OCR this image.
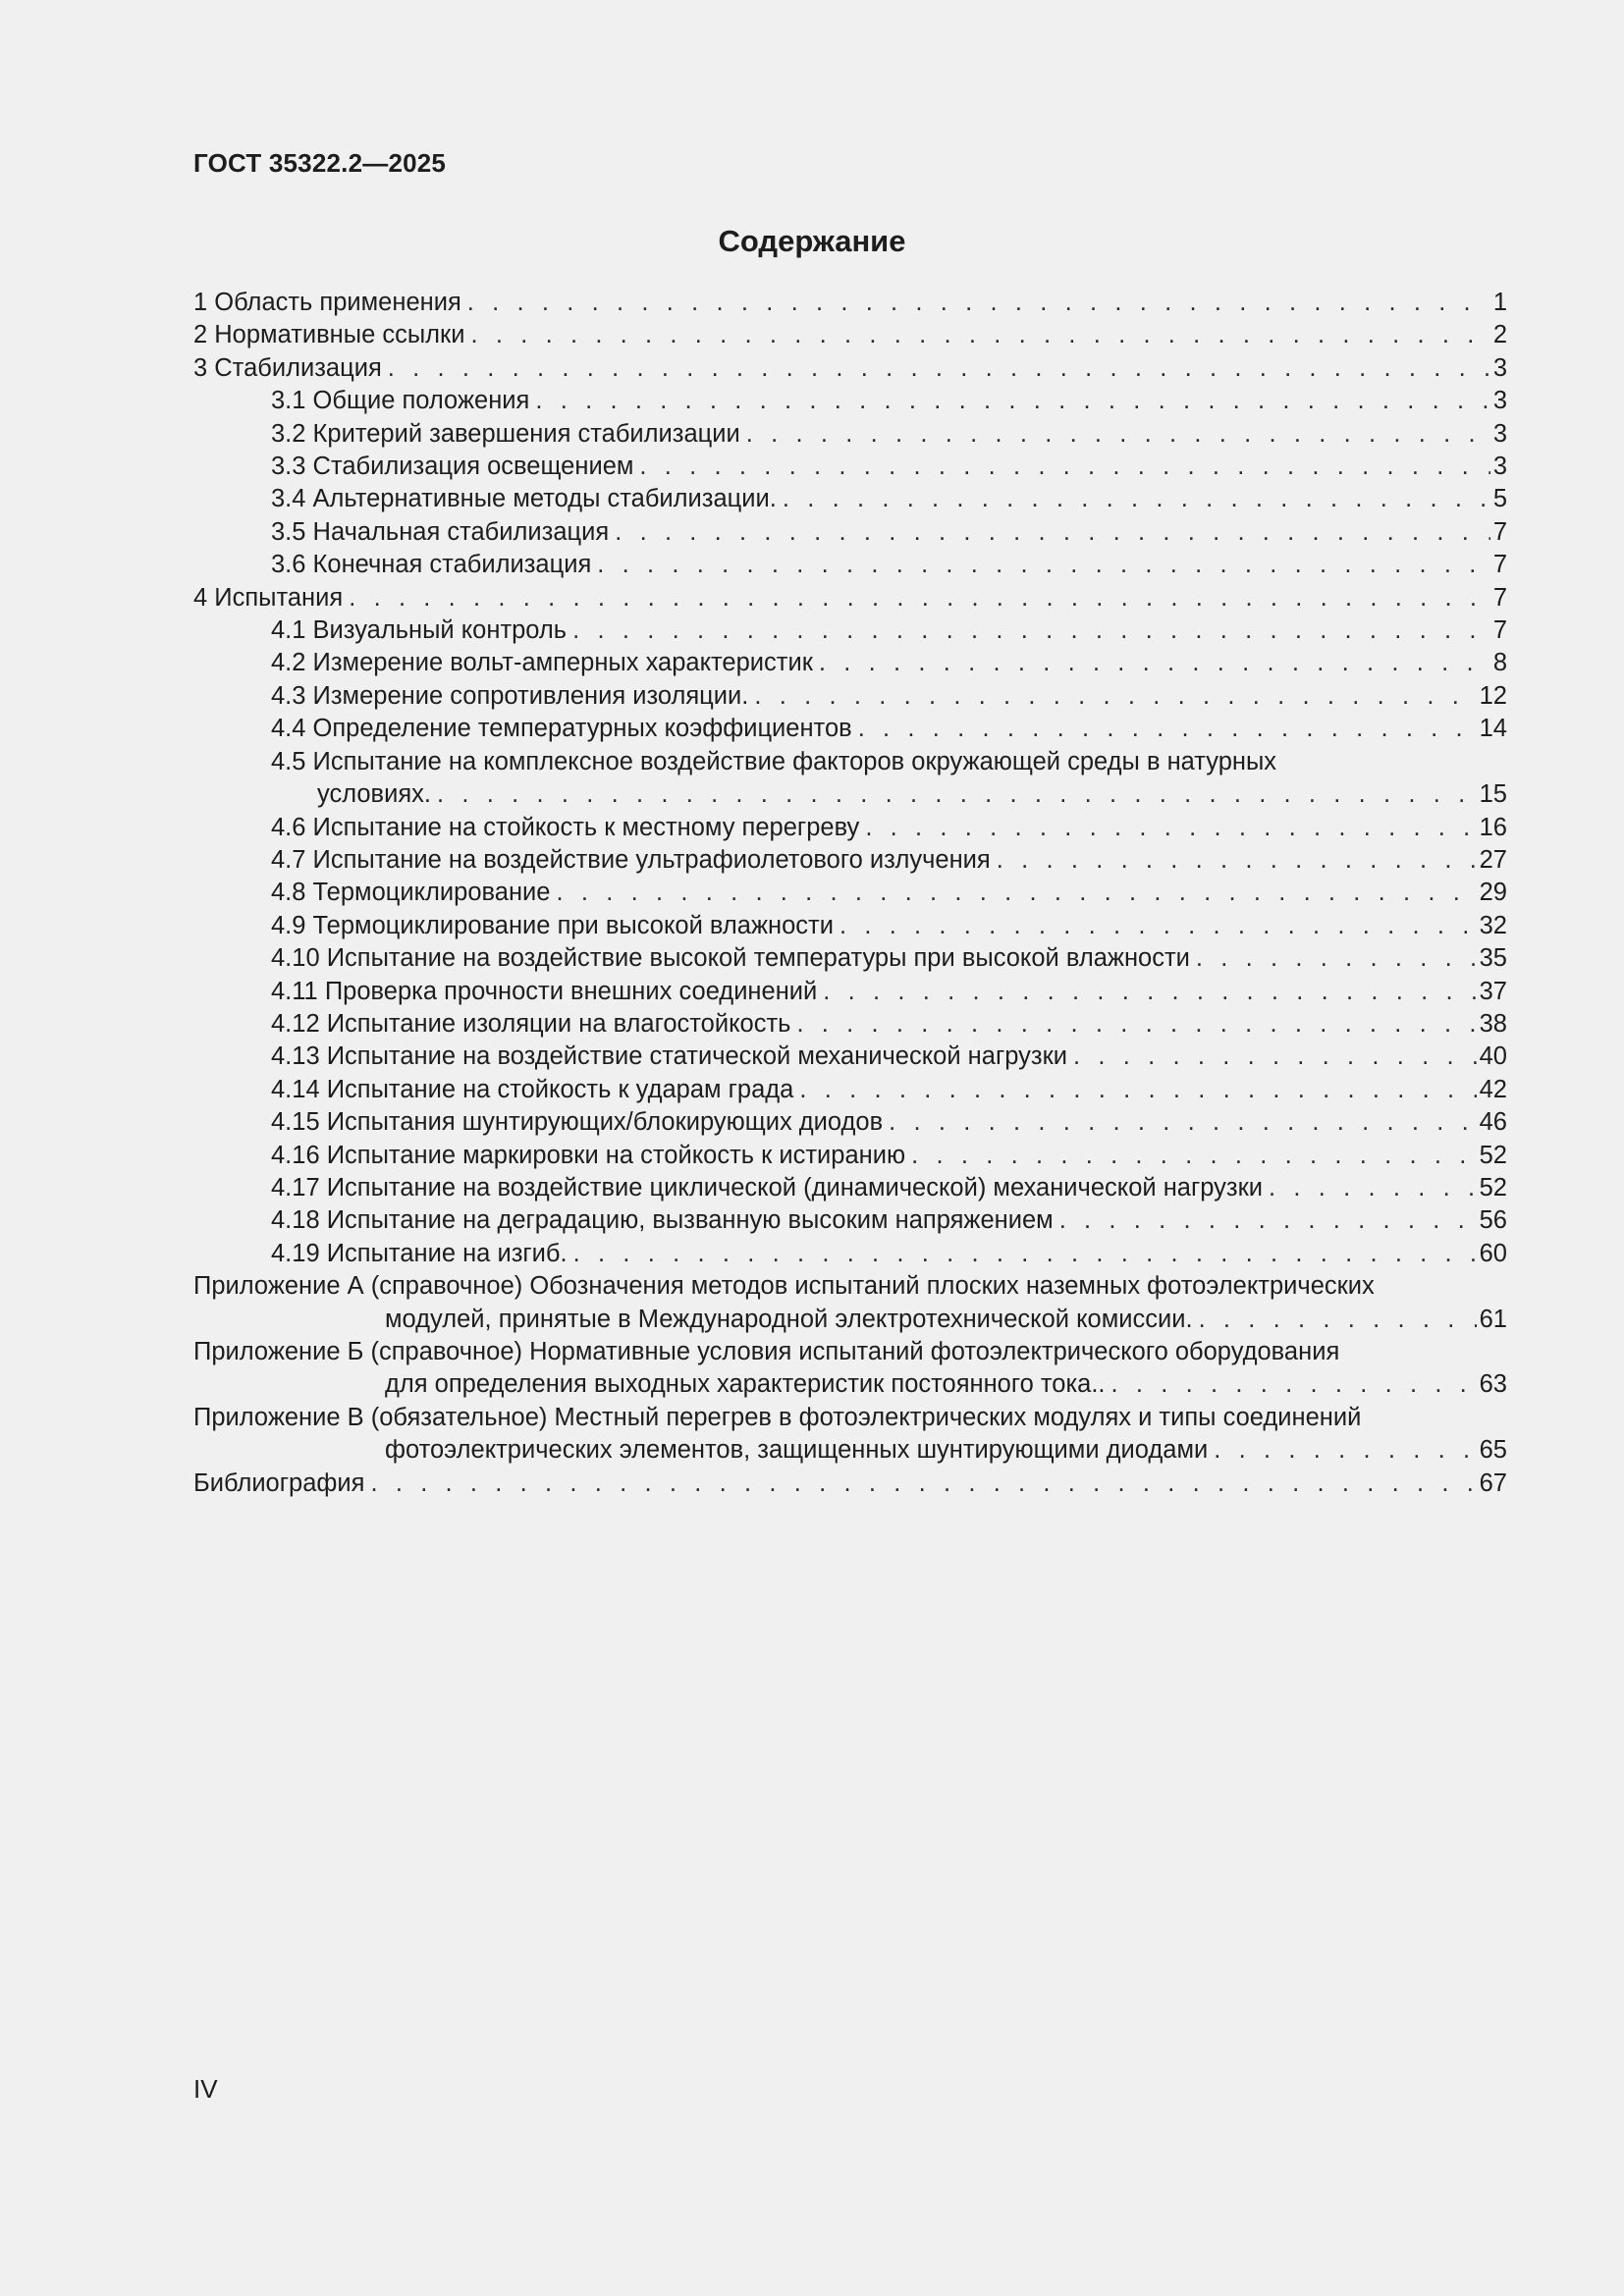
ГОСТ 35322.2—2025
Содержание
1 Область применения . . .	1
2 Нормативные ссылки . . .	2
3 Стабилизация . . .	3
3.1 Общие положения . . .	3
3.2 Критерий завершения стабилизации . . .	3
3.3 Стабилизация освещением . . .	3
3.4 Альтернативные методы стабилизации. . . .	5
3.5 Начальная стабилизация . . .	7
3.6 Конечная стабилизация . . .	7
4 Испытания . . .	7
4.1 Визуальный контроль . . .	7
4.2 Измерение вольт-амперных характеристик . . .	8
4.3 Измерение сопротивления изоляции. . . .	12
4.4 Определение температурных коэффициентов . . .	14
4.5 Испытание на комплексное воздействие факторов окружающей среды в натурных
условиях. . . .	15
4.6 Испытание на стойкость к местному перегреву . . .	16
4.7 Испытание на воздействие ультрафиолетового излучения . . .	27
4.8 Термоциклирование . . .	29
4.9 Термоциклирование при высокой влажности . . .	32
4.10 Испытание на воздействие высокой температуры при высокой влажности . . .	35
4.11 Проверка прочности внешних соединений . . .	37
4.12 Испытание изоляции на влагостойкость . . .	38
4.13 Испытание на воздействие статической механической нагрузки . . .	40
4.14 Испытание на стойкость к ударам града . . .	42
4.15 Испытания шунтирующих/блокирующих диодов . . .	46
4.16 Испытание маркировки на стойкость к истиранию . . .	52
4.17 Испытание на воздействие циклической (динамической) механической нагрузки . . .	52
4.18 Испытание на деградацию, вызванную высоким напряжением . . .	56
4.19 Испытание на изгиб. . . .	60
Приложение А (справочное) Обозначения методов испытаний плоских наземных фотоэлектрических
модулей, принятые в Международной электротехнической комиссии. . . .	61
Приложение Б (справочное) Нормативные условия испытаний фотоэлектрического оборудования
для определения выходных характеристик постоянного тока.. . . .	63
Приложение В (обязательное) Местный перегрев в фотоэлектрических модулях и типы соединений
фотоэлектрических элементов, защищенных шунтирующими диодами . . .	65
Библиография . . .	67
IV
